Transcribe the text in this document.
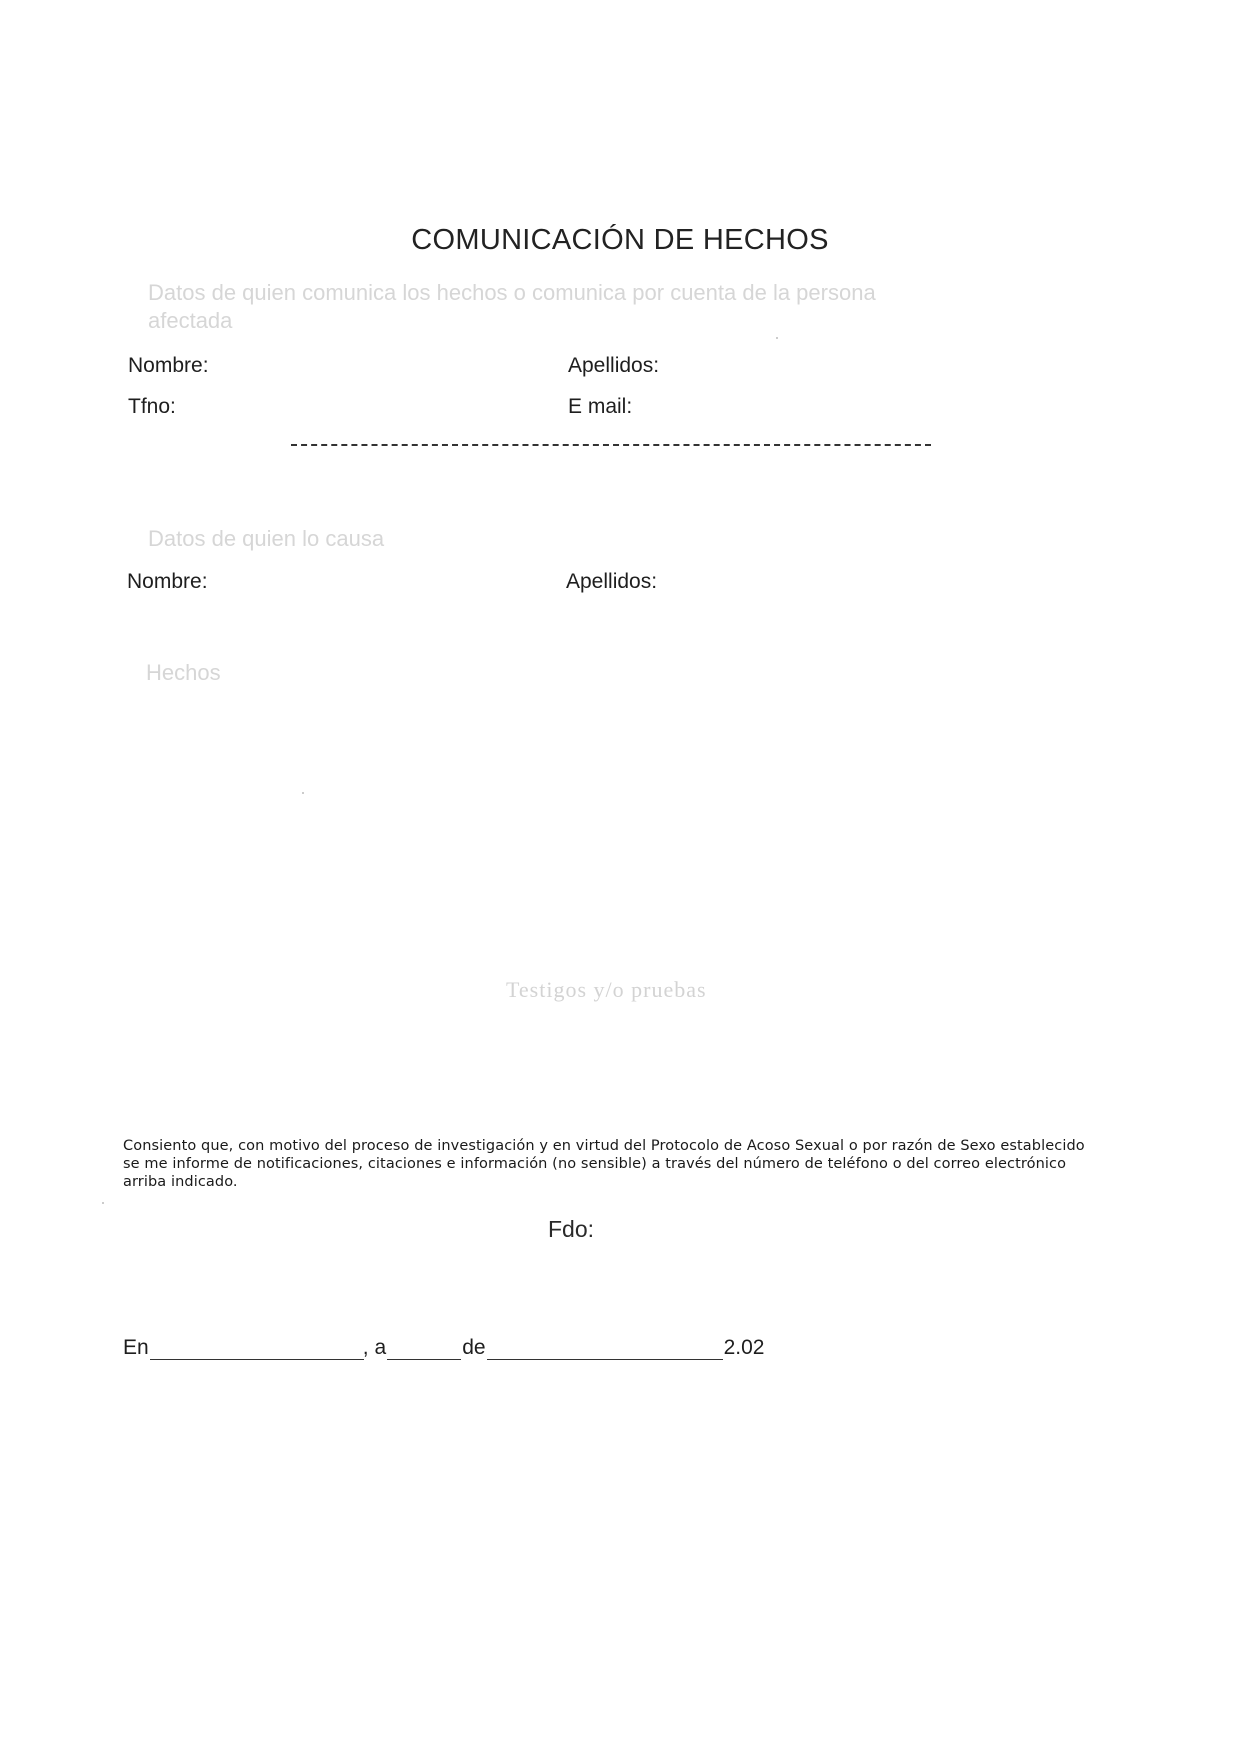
COMUNICACIÓN DE HECHOS
Datos de quien comunica los hechos o comunica por cuenta de la persona
afectada
Nombre:	Apellidos:
Tfno:	E mail:
Datos de quien lo causa
Nombre:	Apellidos:
Hechos
Testigos y/o pruebas
Consiento que, con motivo del proceso de investigación y en virtud del Protocolo de Acoso Sexual o por razón de Sexo establecido se me informe de notificaciones, citaciones e información (no sensible) a través del número de teléfono o del correo electrónico arriba indicado.
Fdo:
En	, a	de	2.02
